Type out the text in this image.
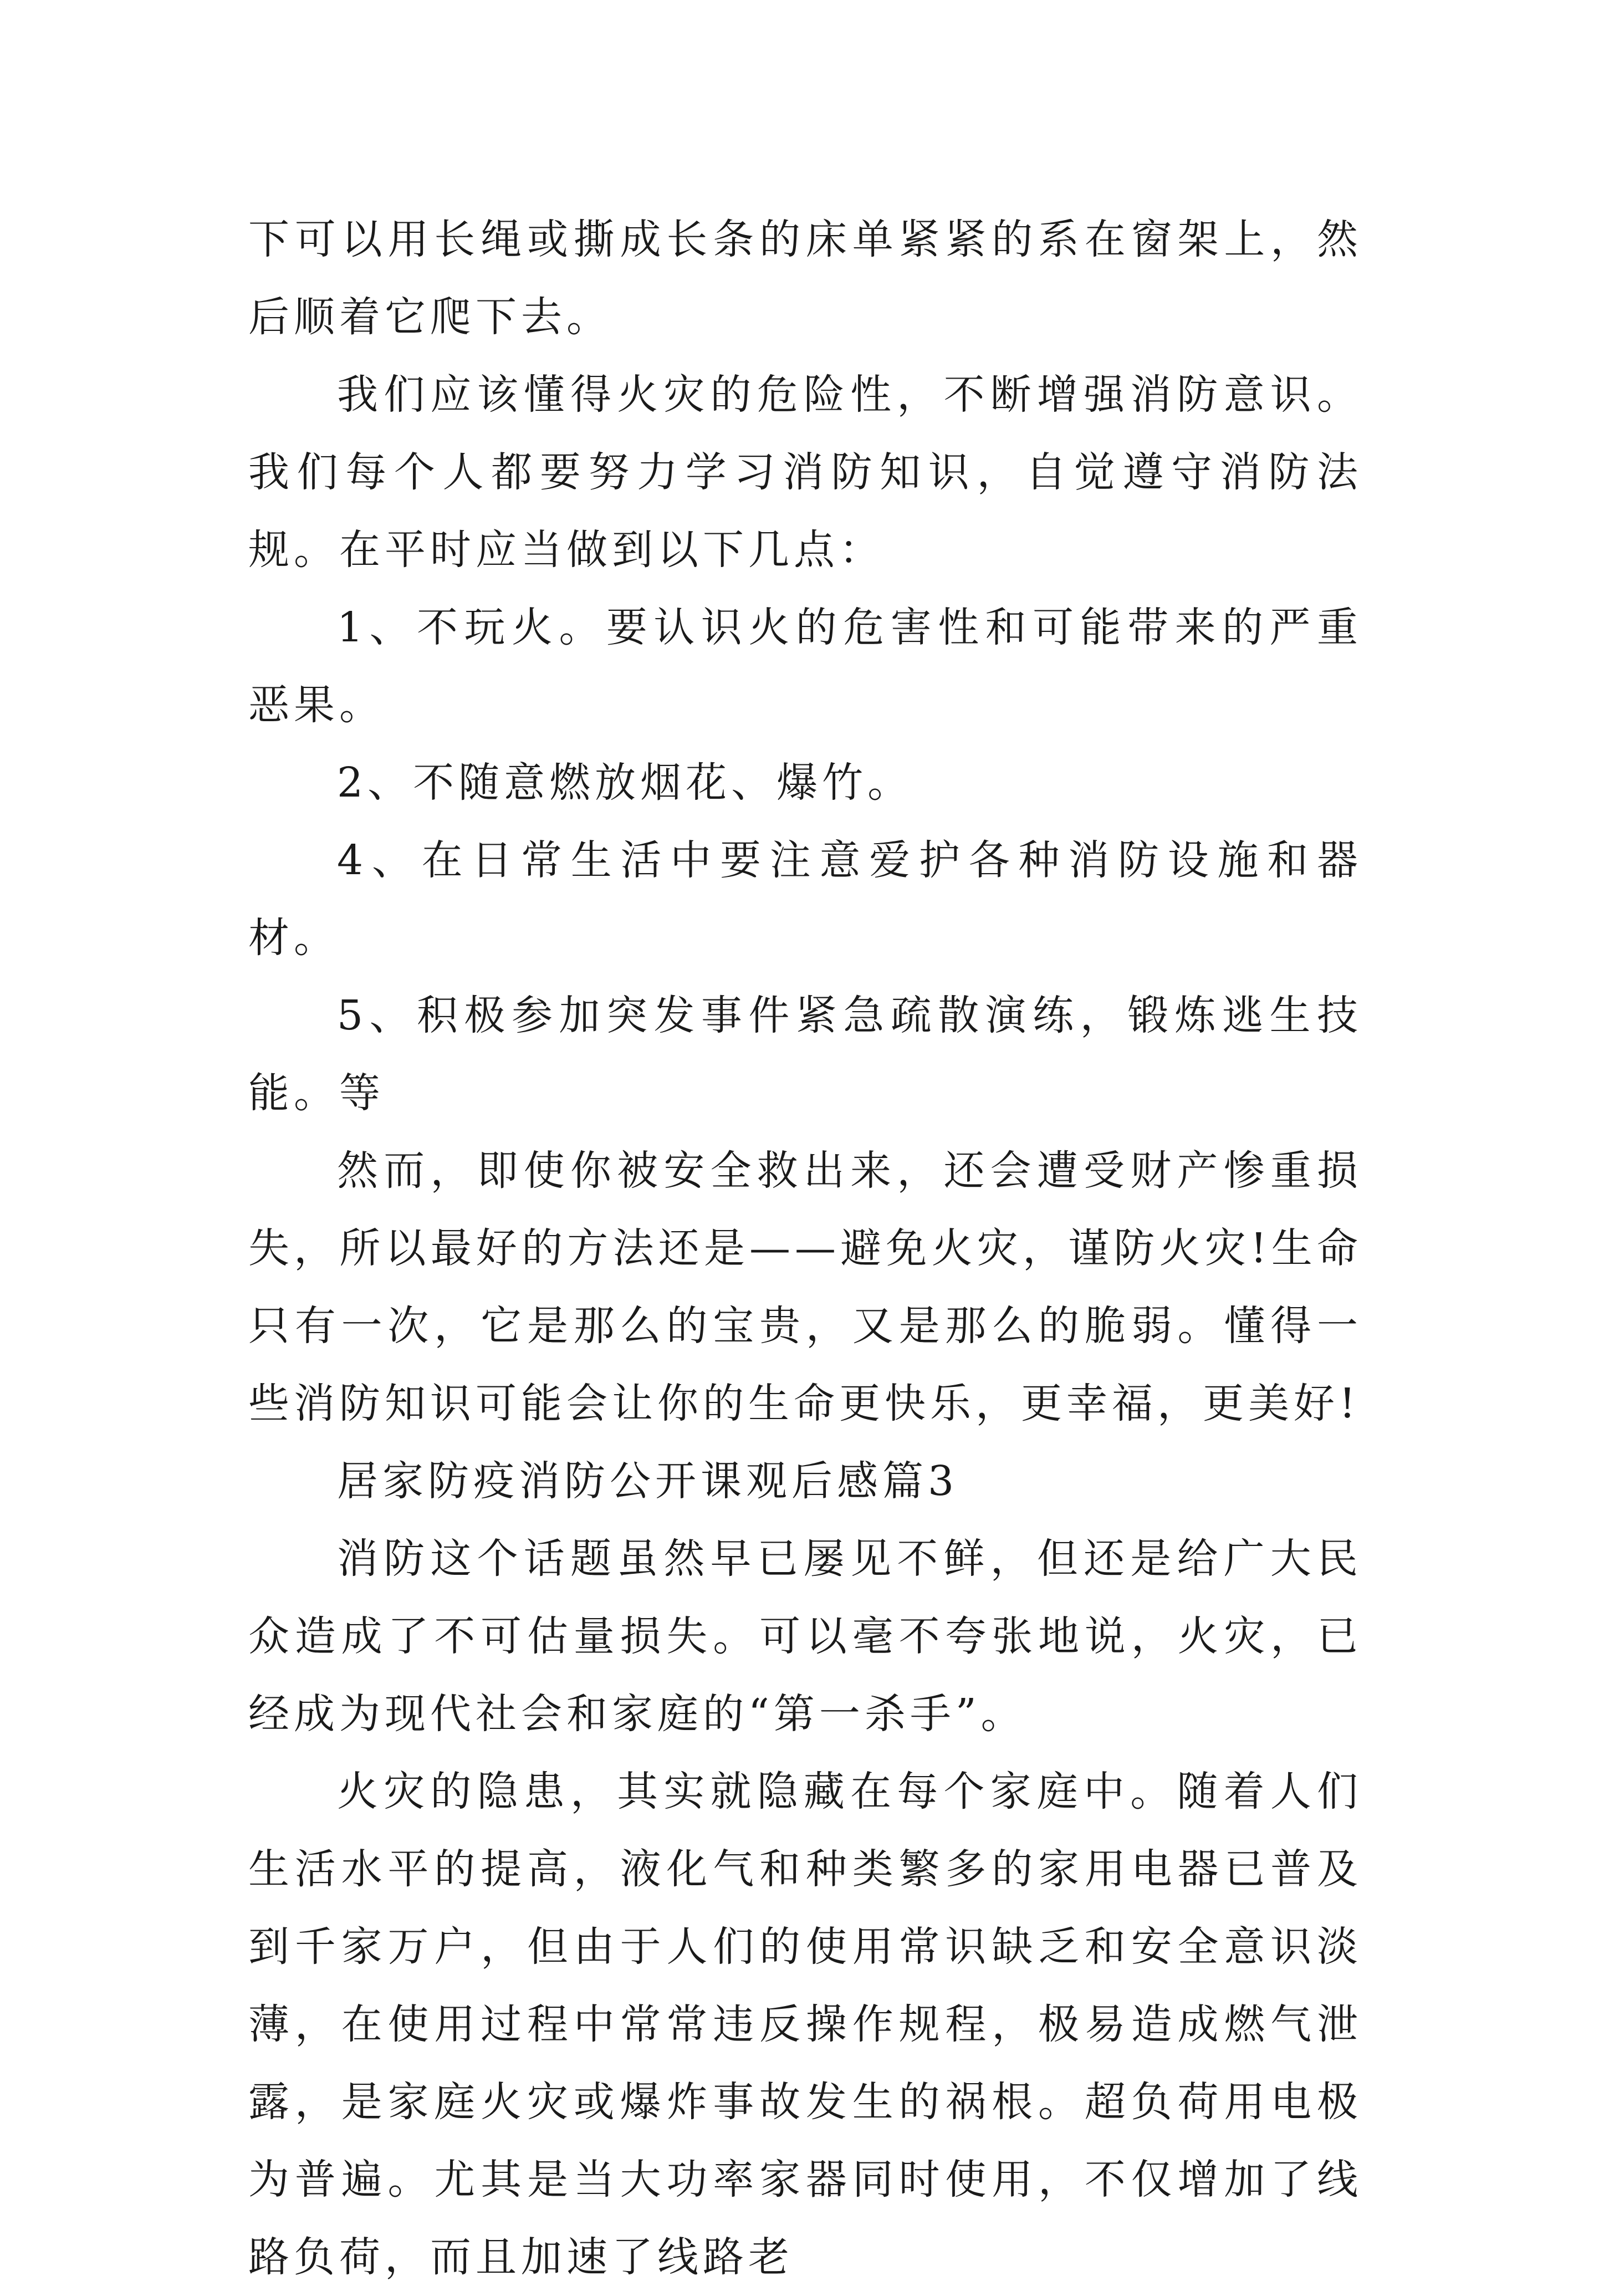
下可以用长绳或撕成长条的床单紧紧的系在窗架上，然后顺着它爬下去。

我们应该懂得火灾的危险性，不断增强消防意识。 我们每个人都要努力学习消防知识，自觉遵守消防法规。在平时应当做到以下几点：

1、不玩火。要认识火的危害性和可能带来的严重恶果。

2、不随意燃放烟花、爆竹。

4、在日常生活中要注意爱护各种消防设施和器材。

5、积极参加突发事件紧急疏散演练，锻炼逃生技能。等

然而，即使你被安全救出来，还会遭受财产惨重损失，所以最好的方法还是——避免火灾，谨防火灾!生命只有一次，它是那么的宝贵，又是那么的脆弱。懂得一些消防知识可能会让你的生命更快乐，更幸福，更美好!

居家防疫消防公开课观后感篇3

消防这个话题虽然早已屡见不鲜，但还是给广大民众造成了不可估量损失。可以毫不夸张地说，火灾，已经成为现代社会和家庭的“第一杀手”。

火灾的隐患，其实就隐藏在每个家庭中。随着人们生活水平的提高，液化气和种类繁多的家用电器已普及到千家万户，但由于人们的使用常识缺乏和安全意识淡薄，在使用过程中常常违反操作规程，极易造成燃气泄露，是家庭火灾或爆炸事故发生的祸根。超负荷用电极为普遍。尤其是当大功率家器同时使用，不仅增加了线路负荷，而且加速了线路老
